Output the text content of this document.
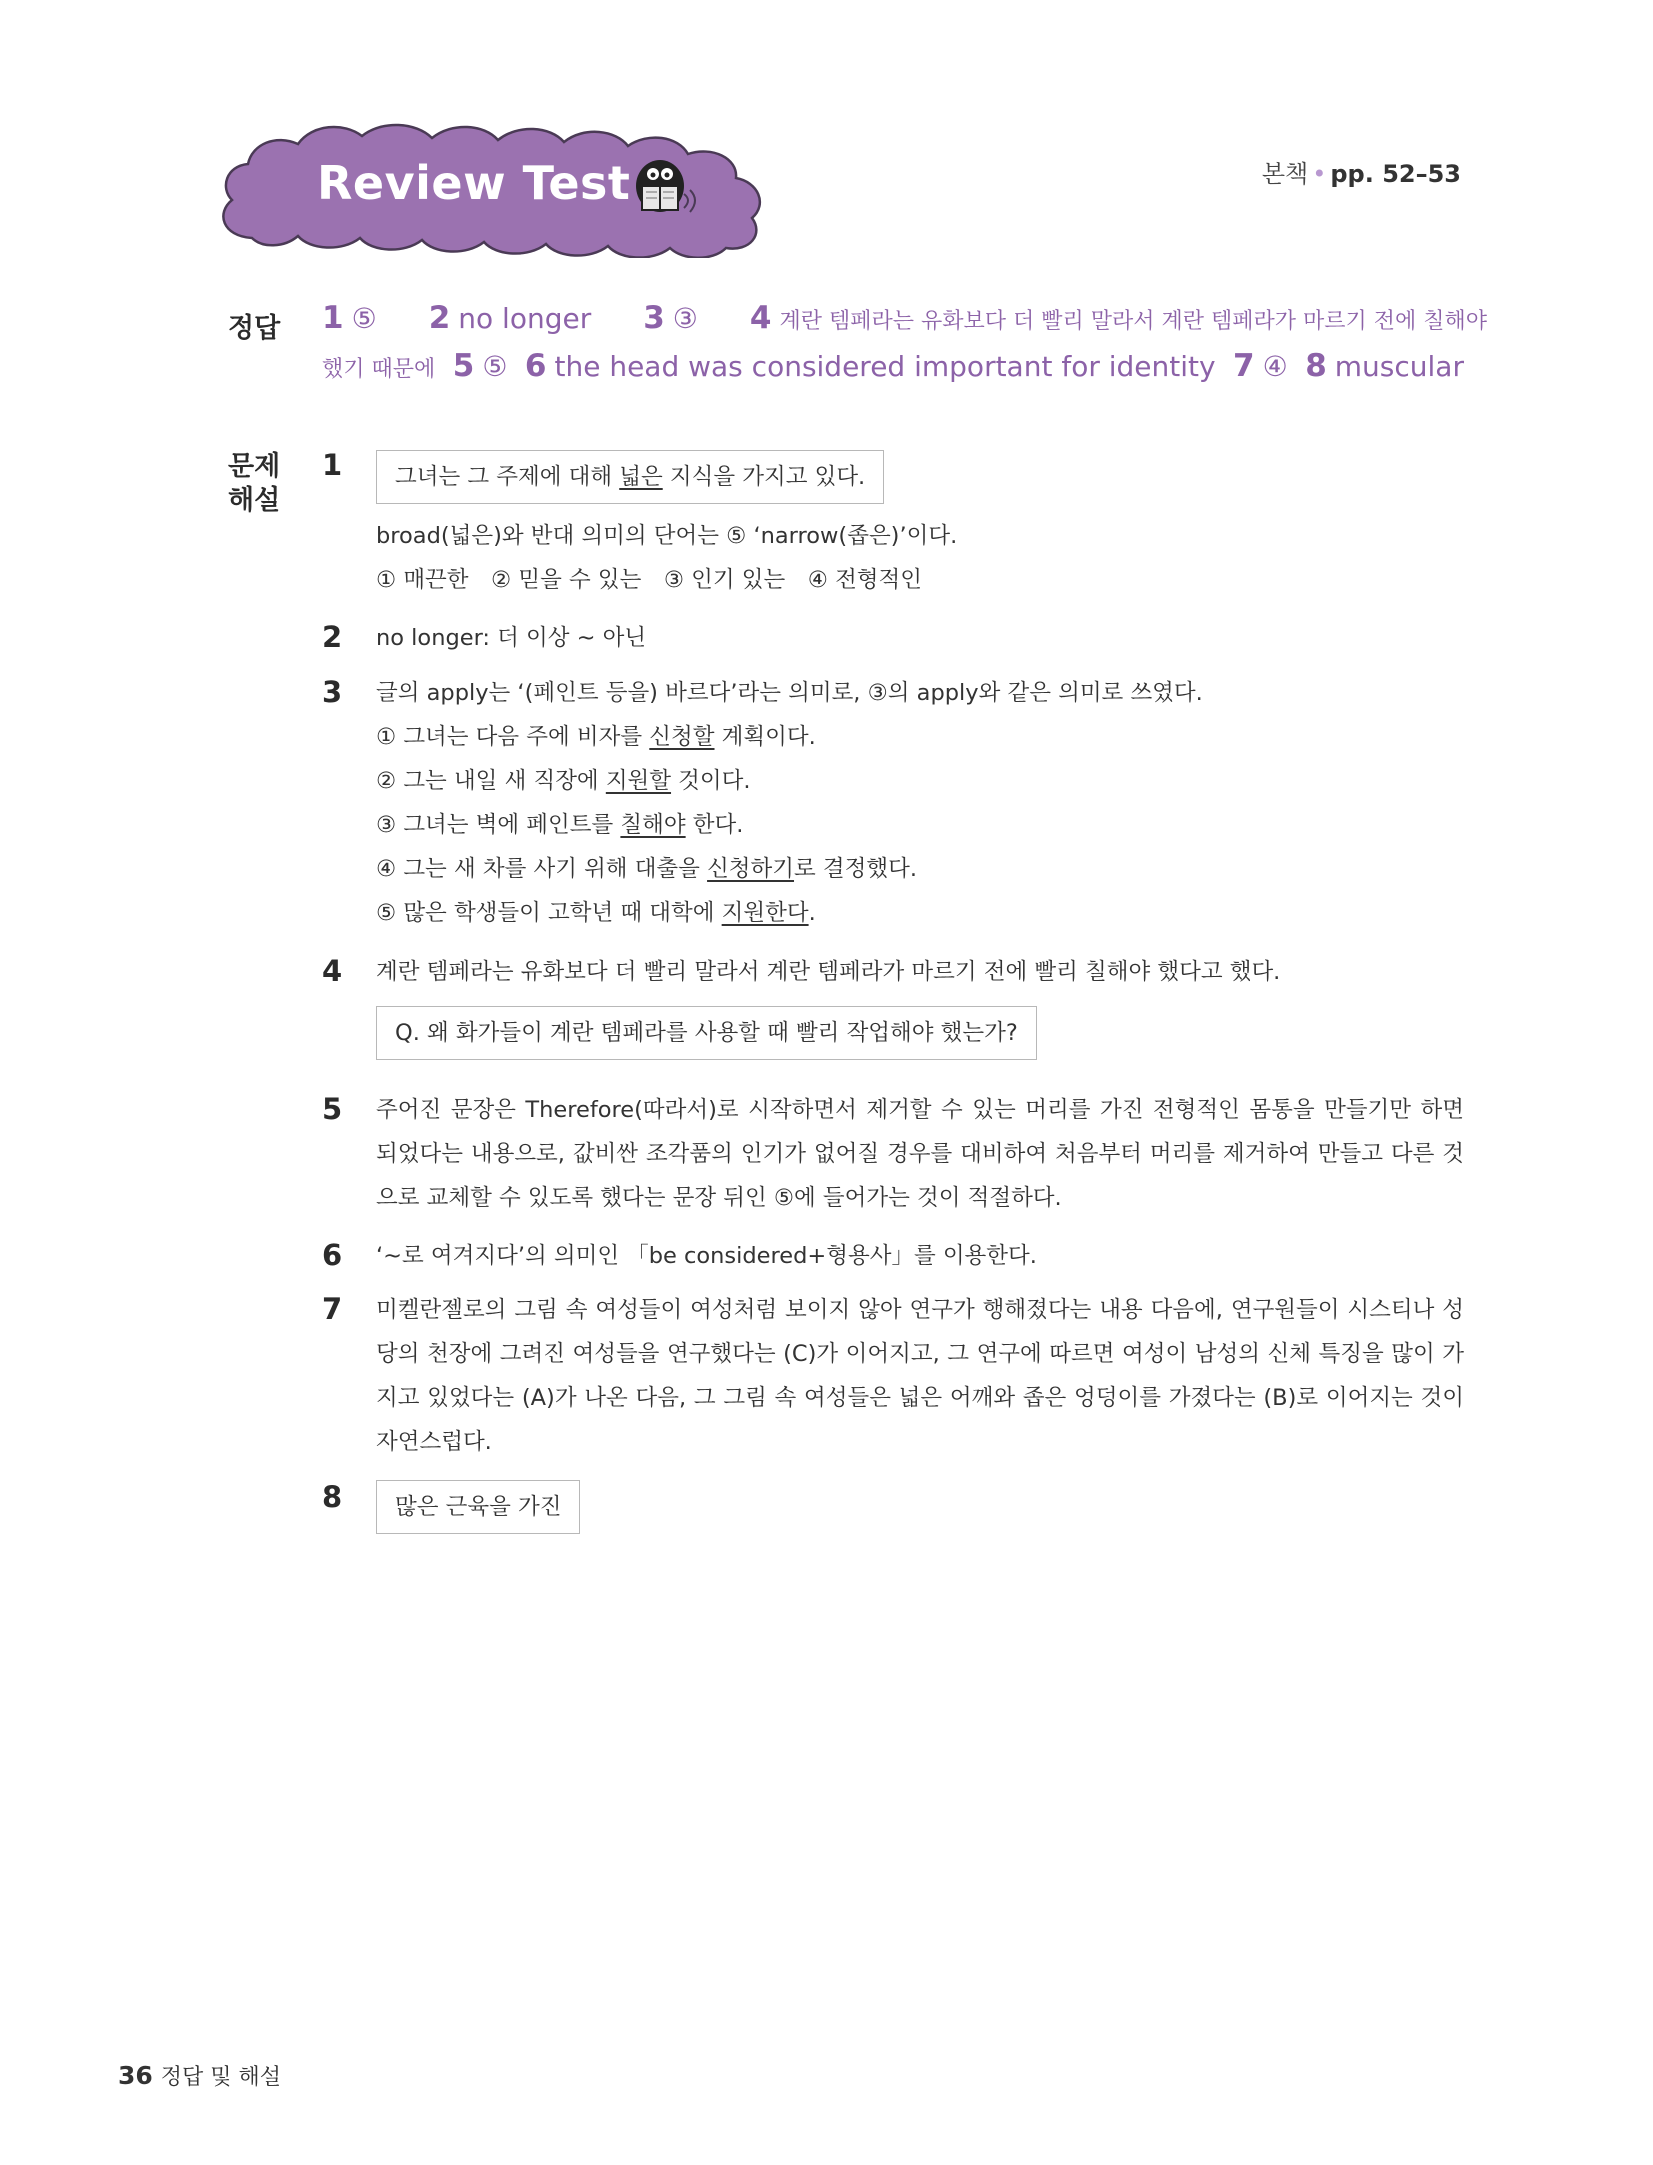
Review Test	본책 • pp. 52–53
정답 1 ⑤ 2 no longer 3 ③ 4 계란 템페라는 유화보다 더 빨리 말라서 계란 템페라가 마르기 전에 칠해야
했기 때문에 5 ⑤ 6 the head was considered important for identity 7 ④ 8 muscular
문제
해설
1	그녀는 그 주제에 대해 넓은 지식을 가지고 있다.
broad(넓은)와 반대 의미의 단어는 ⑤ ‘narrow(좁은)’이다.
① 매끈한　② 믿을 수 있는　③ 인기 있는　④ 전형적인
2 no longer: 더 이상 ~ 아닌
3 글의 apply는 ‘(페인트 등을) 바르다’라는 의미로, ③의 apply와 같은 의미로 쓰였다.
① 그녀는 다음 주에 비자를 신청할 계획이다.
② 그는 내일 새 직장에 지원할 것이다.
③ 그녀는 벽에 페인트를 칠해야 한다.
④ 그는 새 차를 사기 위해 대출을 신청하기로 결정했다.
⑤ 많은 학생들이 고학년 때 대학에 지원한다.
4 계란 템페라는 유화보다 더 빨리 말라서 계란 템페라가 마르기 전에 빨리 칠해야 했다고 했다.
Q. 왜 화가들이 계란 템페라를 사용할 때 빨리 작업해야 했는가?
5 주어진 문장은 Therefore(따라서)로 시작하면서 제거할 수 있는 머리를 가진 전형적인 몸통을 만들기만 하면 되었다는 내용으로, 값비싼 조각품의 인기가 없어질 경우를 대비하여 처음부터 머리를 제거하여 만들고 다른 것으로 교체할 수 있도록 했다는 문장 뒤인 ⑤에 들어가는 것이 적절하다.
6 ‘~로 여겨지다’의 의미인 「be considered+형용사」를 이용한다.
7 미켈란젤로의 그림 속 여성들이 여성처럼 보이지 않아 연구가 행해졌다는 내용 다음에, 연구원들이 시스티나 성당의 천장에 그려진 여성들을 연구했다는 (C)가 이어지고, 그 연구에 따르면 여성이 남성의 신체 특징을 많이 가지고 있었다는 (A)가 나온 다음, 그 그림 속 여성들은 넓은 어깨와 좁은 엉덩이를 가졌다는 (B)로 이어지는 것이 자연스럽다.
8	많은 근육을 가진
36 정답 및 해설
